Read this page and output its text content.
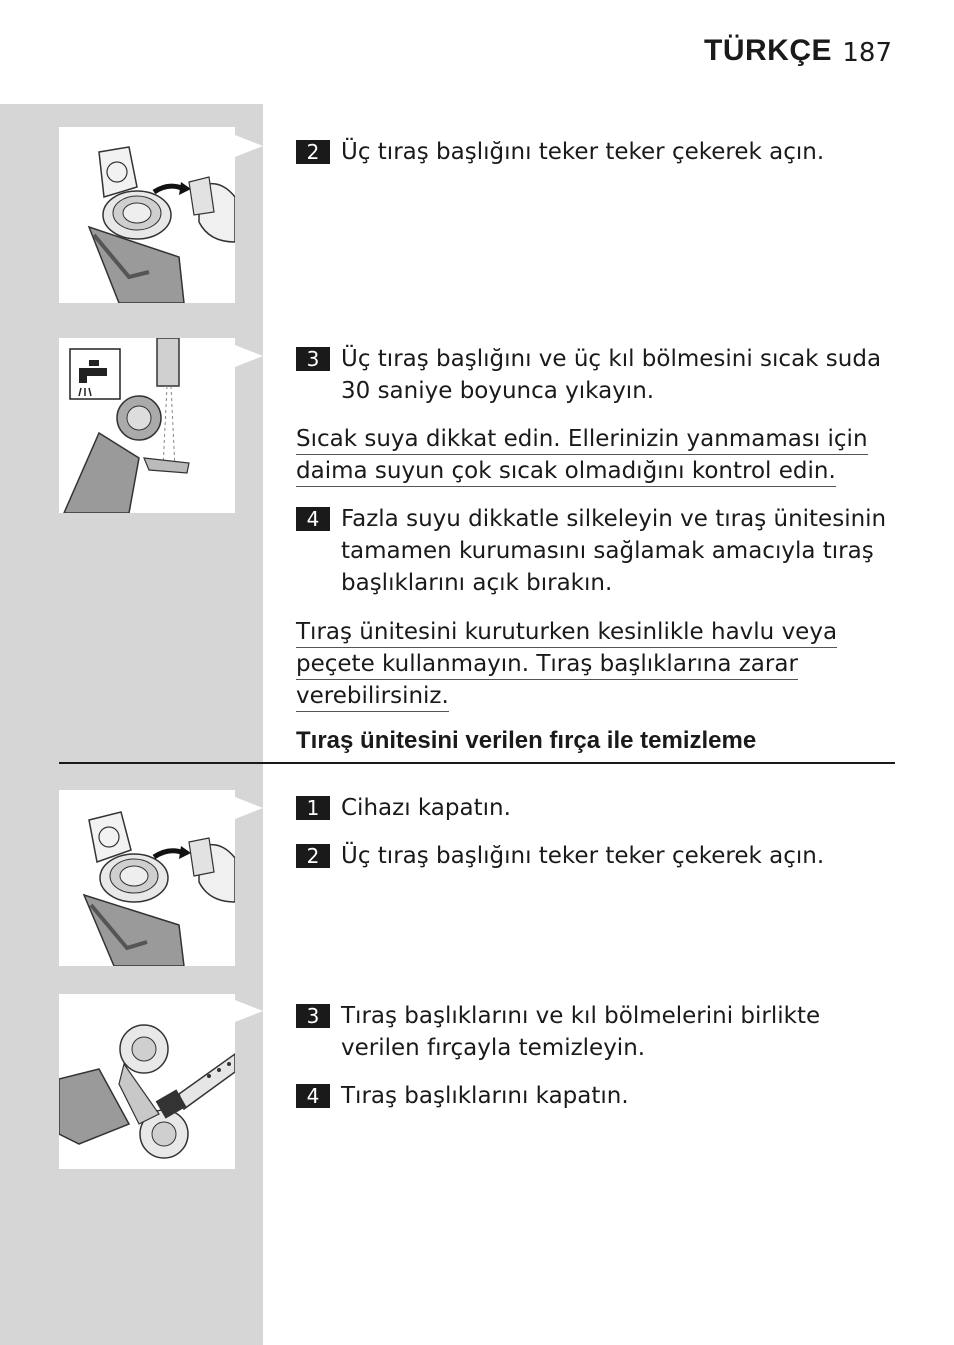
TÜRKÇE 187
2 Üç tıraş başlığını teker teker çekerek açın.
3 Üç tıraş başlığını ve üç kıl bölmesini sıcak suda 30 saniye boyunca yıkayın.
Sıcak suya dikkat edin. Ellerinizin yanmaması için daima suyun çok sıcak olmadığını kontrol edin.
4 Fazla suyu dikkatle silkeleyin ve tıraş ünitesinin tamamen kurumasını sağlamak amacıyla tıraş başlıklarını açık bırakın.
Tıraş ünitesini kuruturken kesinlikle havlu veya peçete kullanmayın. Tıraş başlıklarına zarar verebilirsiniz.
Tıraş ünitesini verilen fırça ile temizleme
1 Cihazı kapatın.
2 Üç tıraş başlığını teker teker çekerek açın.
3 Tıraş başlıklarını ve kıl bölmelerini birlikte verilen fırçayla temizleyin.
4 Tıraş başlıklarını kapatın.
